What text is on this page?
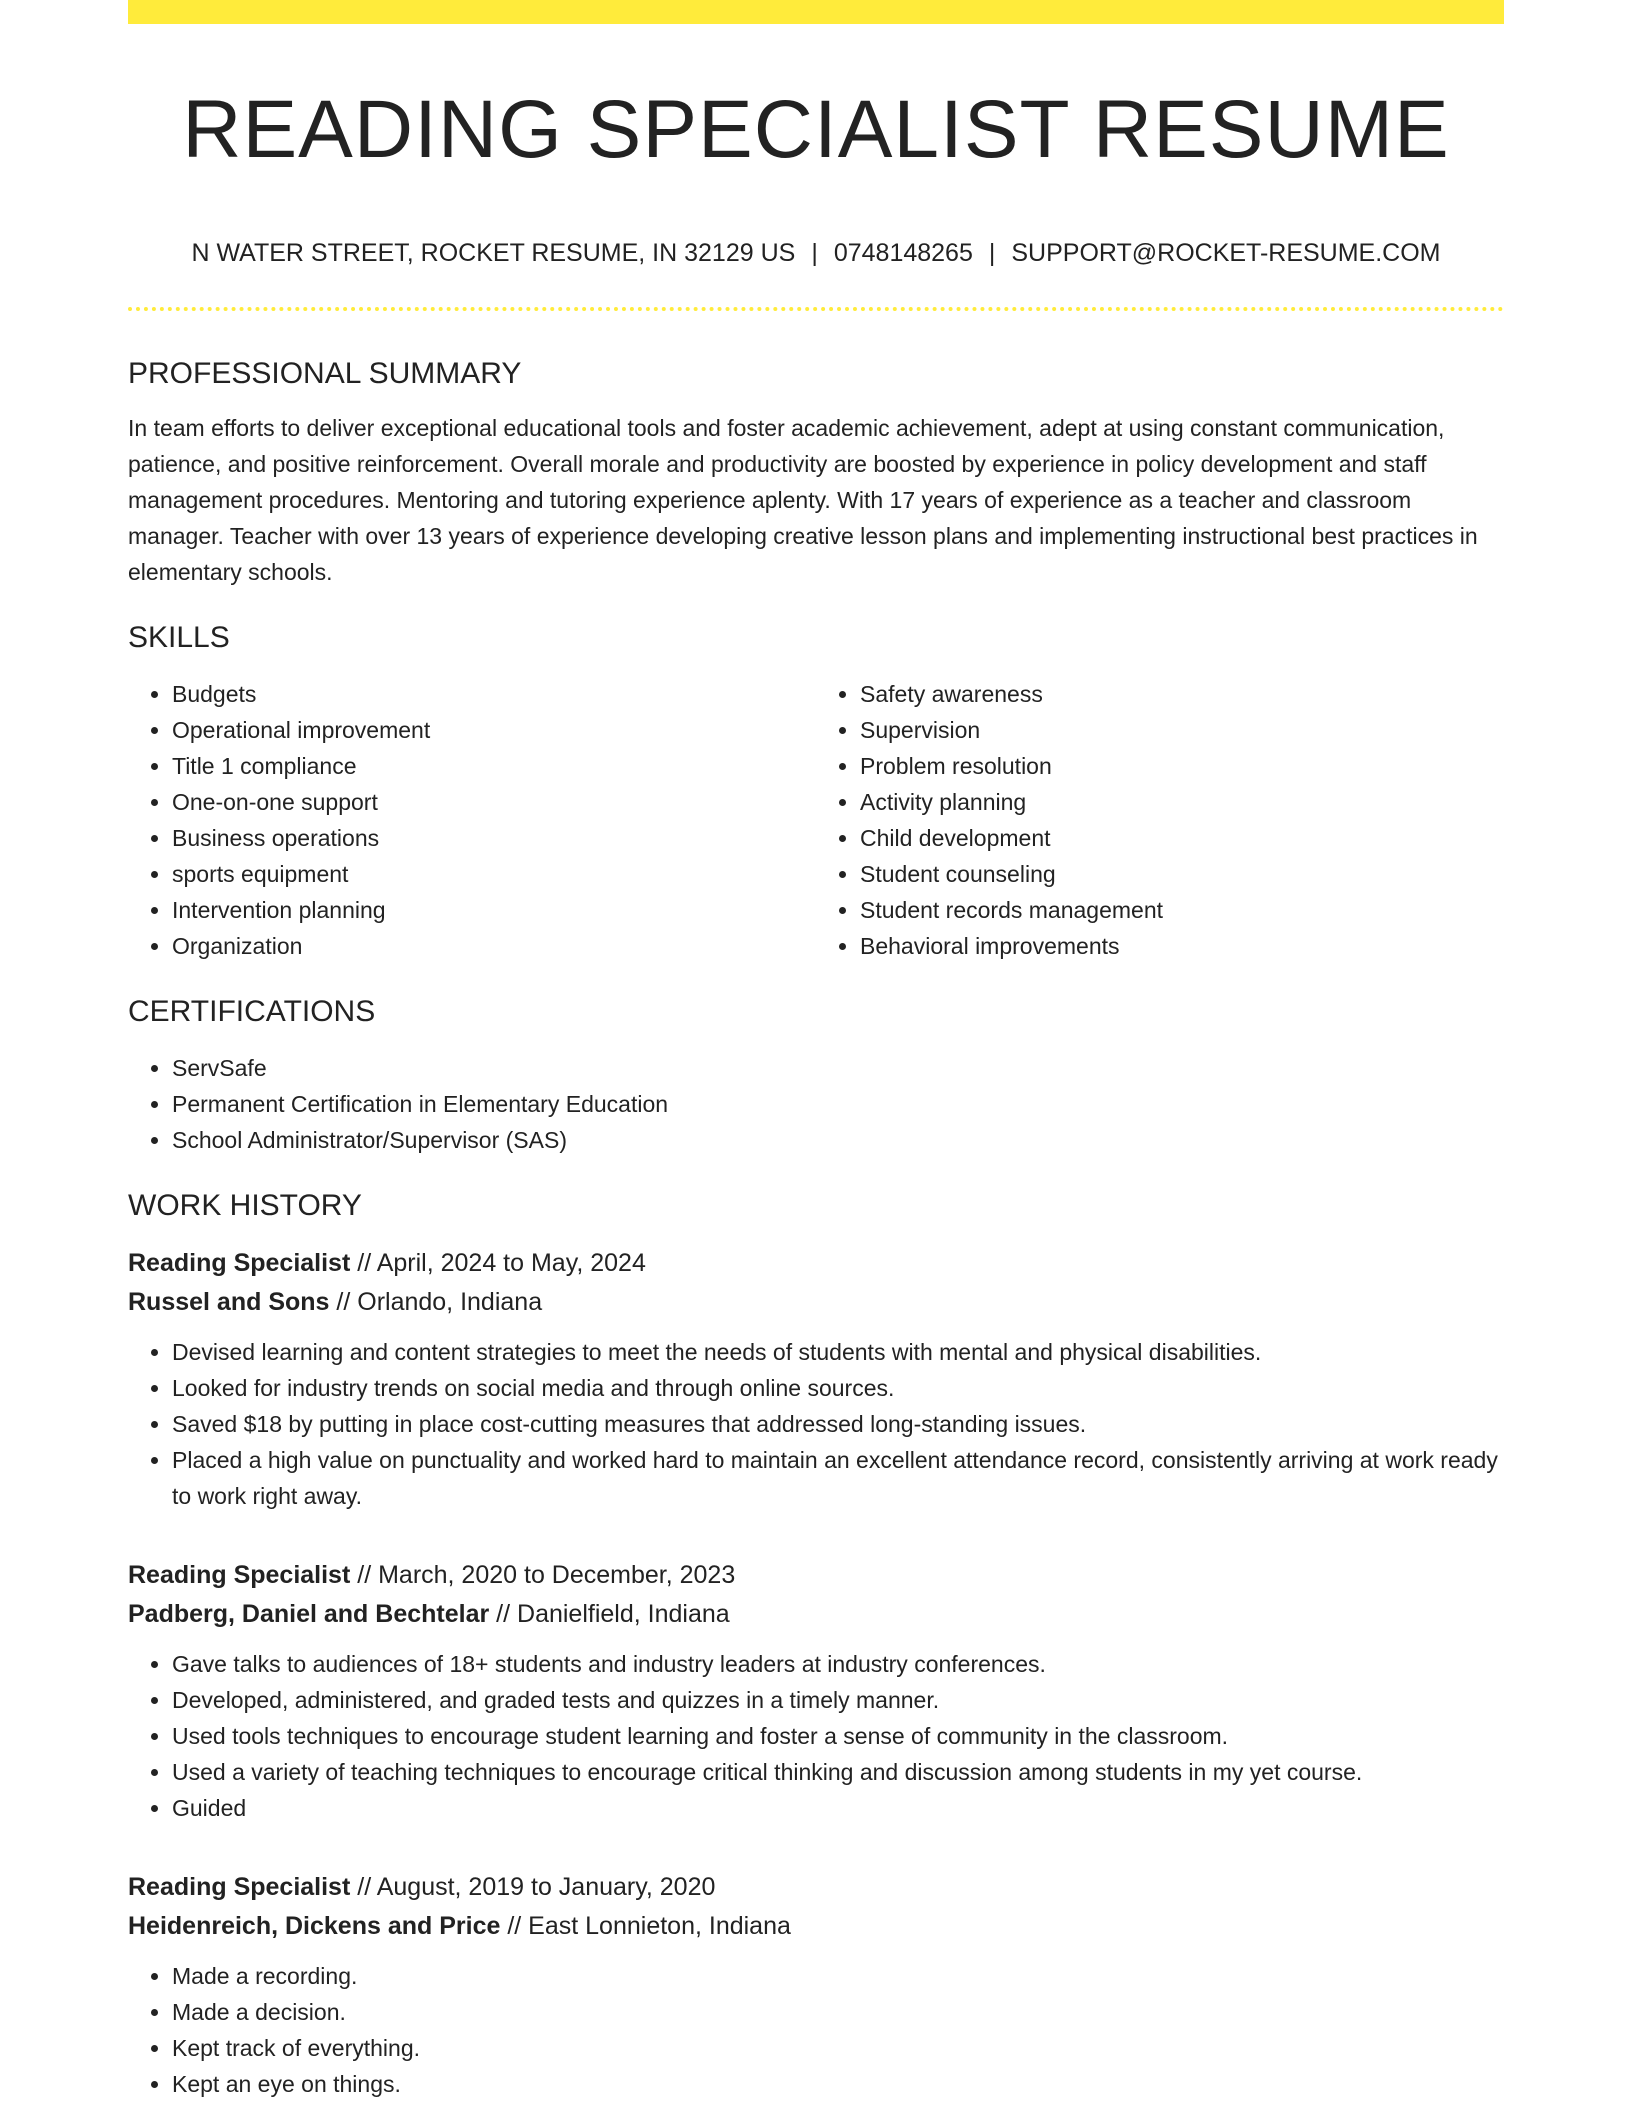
READING SPECIALIST RESUME
N WATER STREET, ROCKET RESUME, IN 32129 US | 0748148265 | SUPPORT@ROCKET-RESUME.COM
PROFESSIONAL SUMMARY

In team efforts to deliver exceptional educational tools and foster academic achievement, adept at using constant communication, patience, and positive reinforcement. Overall morale and productivity are boosted by experience in policy development and staff management procedures. Mentoring and tutoring experience aplenty. With 17 years of experience as a teacher and classroom manager. Teacher with over 13 years of experience developing creative lesson plans and implementing instructional best practices in elementary schools.

SKILLS
• Budgets
• Operational improvement
• Title 1 compliance
• One-on-one support
• Business operations
• sports equipment
• Intervention planning
• Organization
• Safety awareness
• Supervision
• Problem resolution
• Activity planning
• Child development
• Student counseling
• Student records management
• Behavioral improvements
CERTIFICATIONS
• ServSafe
• Permanent Certification in Elementary Education
• School Administrator/Supervisor (SAS)
WORK HISTORY
Reading Specialist // April, 2024 to May, 2024
Russel and Sons // Orlando, Indiana
• Devised learning and content strategies to meet the needs of students with mental and physical disabilities.
• Looked for industry trends on social media and through online sources.
• Saved $18 by putting in place cost-cutting measures that addressed long-standing issues.
• Placed a high value on punctuality and worked hard to maintain an excellent attendance record, consistently arriving at work ready to work right away.
Reading Specialist // March, 2020 to December, 2023
Padberg, Daniel and Bechtelar // Danielfield, Indiana
• Gave talks to audiences of 18+ students and industry leaders at industry conferences.
• Developed, administered, and graded tests and quizzes in a timely manner.
• Used tools techniques to encourage student learning and foster a sense of community in the classroom.
• Used a variety of teaching techniques to encourage critical thinking and discussion among students in my yet course.
• Guided
Reading Specialist // August, 2019 to January, 2020
Heidenreich, Dickens and Price // East Lonnieton, Indiana
• Made a recording.
• Made a decision.
• Kept track of everything.
• Kept an eye on things.
